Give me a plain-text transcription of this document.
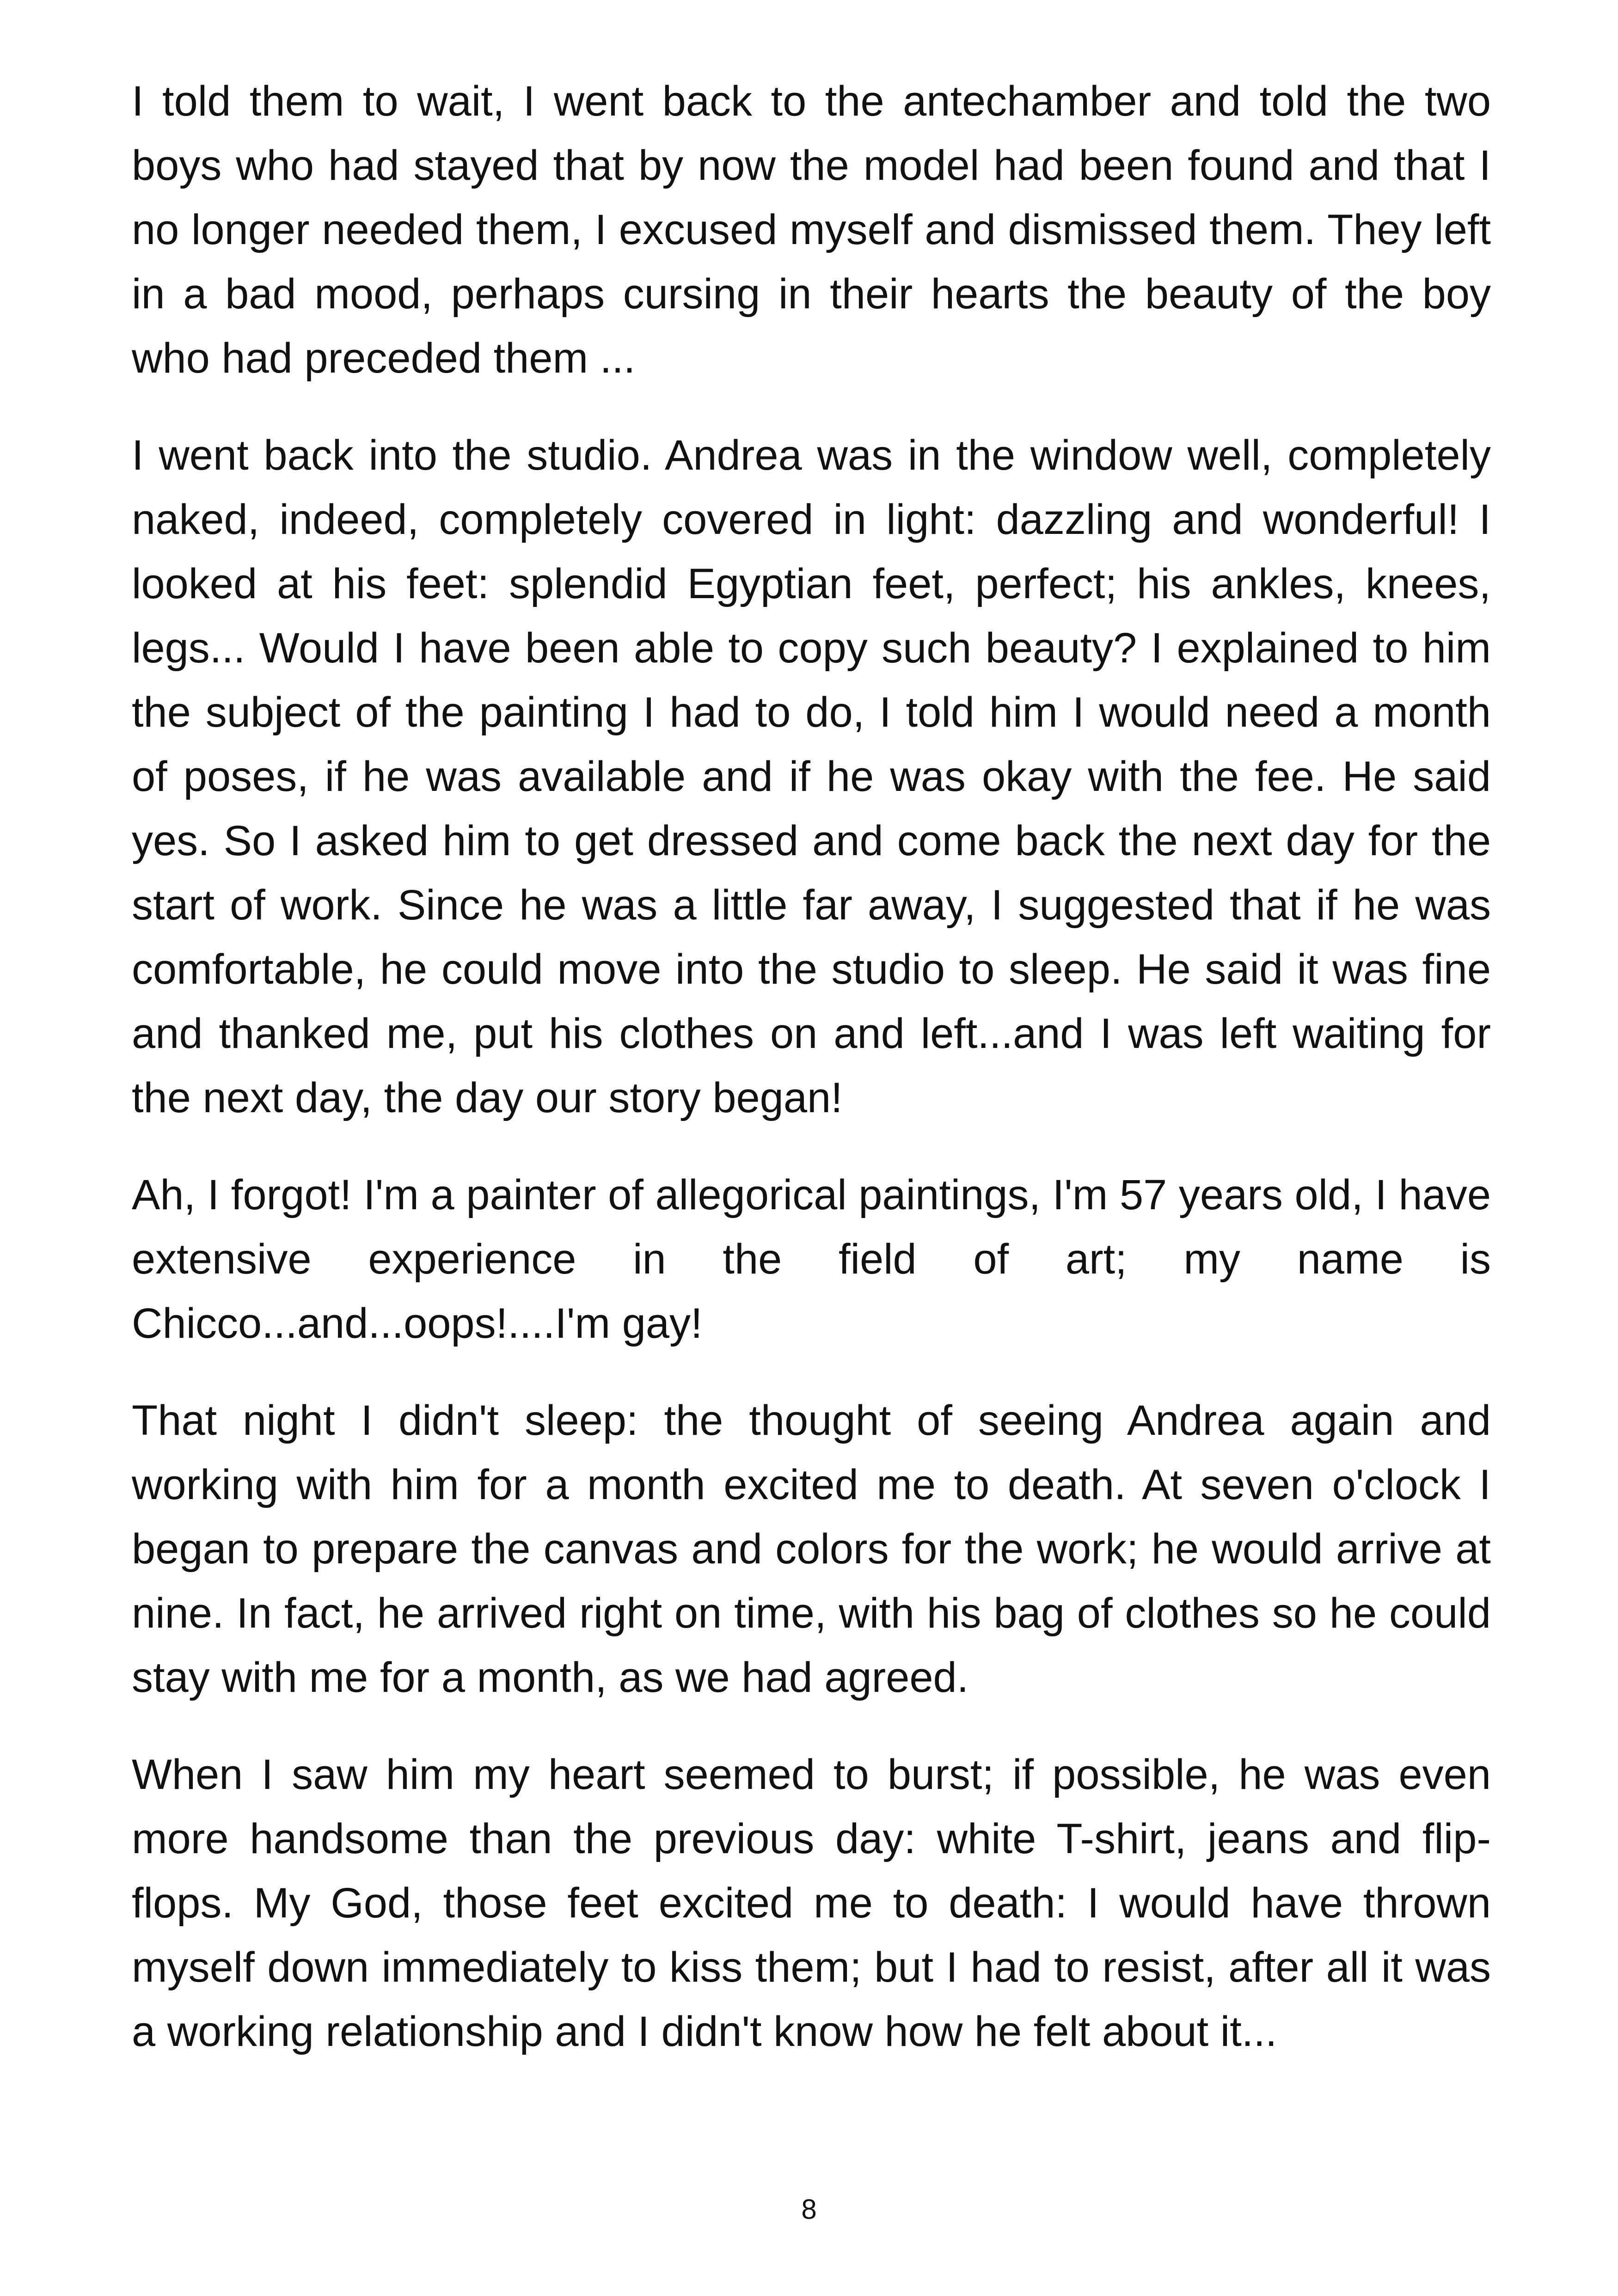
I told them to wait, I went back to the antechamber and told the two boys who had stayed that by now the model had been found and that I no longer needed them, I excused myself and dismissed them. They left in a bad mood, perhaps cursing in their hearts the beauty of the boy who had preceded them ...

I went back into the studio. Andrea was in the window well, completely naked, indeed, completely covered in light: dazzling and wonderful! I looked at his feet: splendid Egyptian feet, perfect; his ankles, knees, legs... Would I have been able to copy such beauty? I explained to him the subject of the painting I had to do, I told him I would need a month of poses, if he was available and if he was okay with the fee. He said yes. So I asked him to get dressed and come back the next day for the start of work. Since he was a little far away, I suggested that if he was comfortable, he could move into the studio to sleep. He said it was fine and thanked me, put his clothes on and left...and I was left waiting for the next day, the day our story began!

Ah, I forgot! I'm a painter of allegorical paintings, I'm 57 years old, I have extensive experience in the field of art; my name is Chicco...and...oops!....I'm gay!

That night I didn't sleep: the thought of seeing Andrea again and working with him for a month excited me to death. At seven o'clock I began to prepare the canvas and colors for the work; he would arrive at nine. In fact, he arrived right on time, with his bag of clothes so he could stay with me for a month, as we had agreed.

When I saw him my heart seemed to burst; if possible, he was even more handsome than the previous day: white T-shirt, jeans and flip-flops. My God, those feet excited me to death: I would have thrown myself down immediately to kiss them; but I had to resist, after all it was a working relationship and I didn't know how he felt about it...

8
